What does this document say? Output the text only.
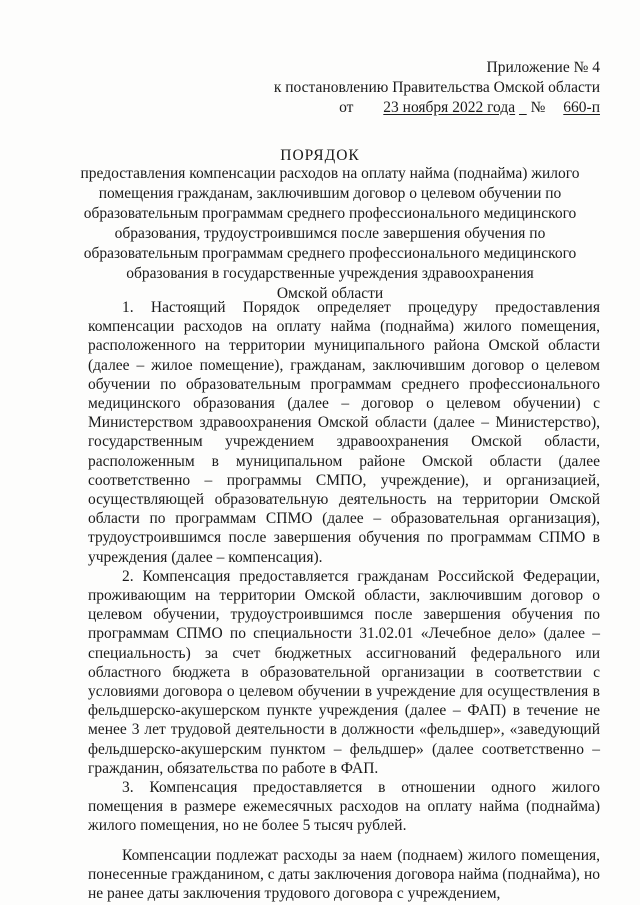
Приложение № 4
к постановлению Правительства Омской области
от 23 ноября 2022 года № 660-п
ПОРЯДОК
предоставления компенсации расходов на оплату найма (поднайма) жилого
помещения гражданам, заключившим договор о целевом обучении по
образовательным программам среднего профессионального медицинского
образования, трудоустроившимся после завершения обучения по
образовательным программам среднего профессионального медицинского
образования в государственные учреждения здравоохранения
Омской области

1. Настоящий Порядок определяет процедуру предоставления компенсации расходов на оплату найма (поднайма) жилого помещения, расположенного на территории муниципального района Омской области (далее – жилое помещение), гражданам, заключившим договор о целевом обучении по образовательным программам среднего профессионального медицинского образования (далее – договор о целевом обучении) с Министерством здравоохранения Омской области (далее – Министерство), государственным учреждением здравоохранения Омской области, расположенным в муниципальном районе Омской области (далее соответственно – программы СМПО, учреждение), и организацией, осуществляющей образовательную деятельность на территории Омской области по программам СПМО (далее – образовательная организация), трудоустроившимся после завершения обучения по программам СПМО в учреждения (далее – компенсация).

2. Компенсация предоставляется гражданам Российской Федерации, проживающим на территории Омской области, заключившим договор о целевом обучении, трудоустроившимся после завершения обучения по программам СПМО по специальности 31.02.01 «Лечебное дело» (далее – специальность) за счет бюджетных ассигнований федерального или областного бюджета в образовательной организации в соответствии с условиями договора о целевом обучении в учреждение для осуществления в фельдшерско-акушерском пункте учреждения (далее – ФАП) в течение не менее 3 лет трудовой деятельности в должности «фельдшер», «заведующий фельдшерско-акушерским пунктом – фельдшер» (далее соответственно – гражданин, обязательства по работе в ФАП.

3. Компенсация предоставляется в отношении одного жилого помещения в размере ежемесячных расходов на оплату найма (поднайма) жилого помещения, но не более 5 тысяч рублей.

Компенсации подлежат расходы за наем (поднаем) жилого помещения, понесенные гражданином, с даты заключения договора найма (поднайма), но не ранее даты заключения трудового договора с учреждением,
